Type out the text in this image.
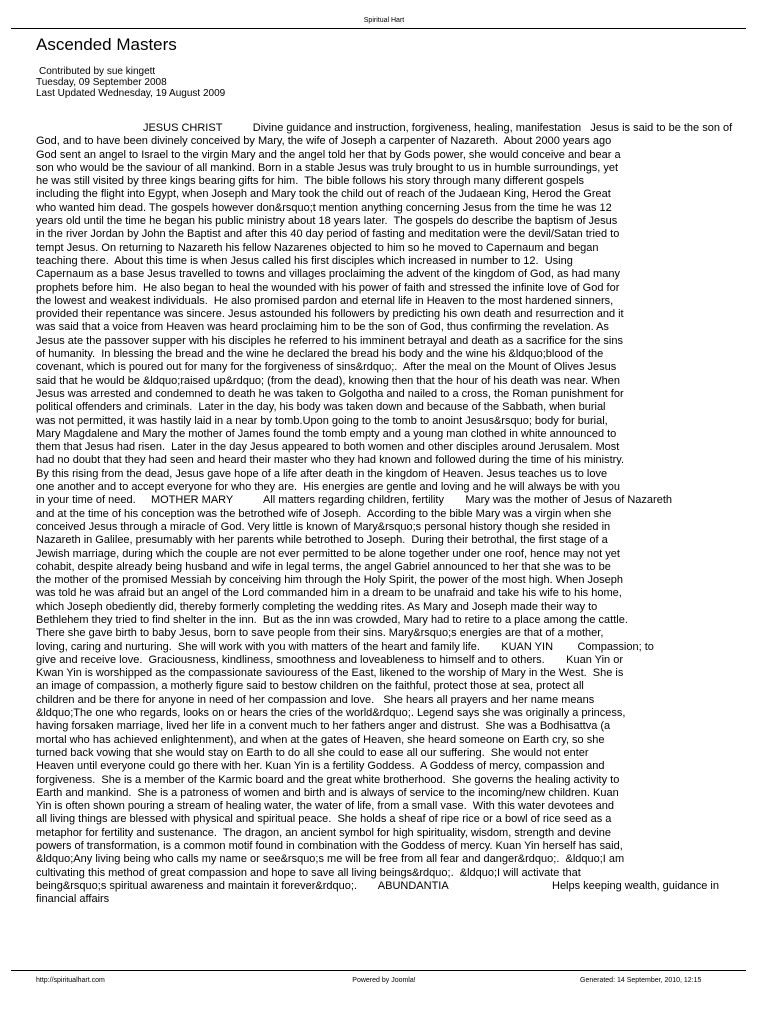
Spiritual Hart
Ascended Masters
Contributed by sue kingett
Tuesday, 09 September 2008
Last Updated Wednesday, 19 August 2009
JESUS CHRIST          Divine guidance and instruction, forgiveness, healing, manifestation   Jesus is said to be the son of
God, and to have been divinely conceived by Mary, the wife of Joseph a carpenter of Nazareth.  About 2000 years ago
God sent an angel to Israel to the virgin Mary and the angel told her that by Gods power, she would conceive and bear a
son who would be the saviour of all mankind. Born in a stable Jesus was truly brought to us in humble surroundings, yet
he was still visited by three kings bearing gifts for him.  The bible follows his story through many different gospels
including the flight into Egypt, when Joseph and Mary took the child out of reach of the Judaean King, Herod the Great
who wanted him dead. The gospels however don&rsquo;t mention anything concerning Jesus from the time he was 12
years old until the time he began his public ministry about 18 years later.  The gospels do describe the baptism of Jesus
in the river Jordan by John the Baptist and after this 40 day period of fasting and meditation were the devil/Satan tried to
tempt Jesus. On returning to Nazareth his fellow Nazarenes objected to him so he moved to Capernaum and began
teaching there.  About this time is when Jesus called his first disciples which increased in number to 12.  Using
Capernaum as a base Jesus travelled to towns and villages proclaiming the advent of the kingdom of God, as had many
prophets before him.  He also began to heal the wounded with his power of faith and stressed the infinite love of God for
the lowest and weakest individuals.  He also promised pardon and eternal life in Heaven to the most hardened sinners,
provided their repentance was sincere. Jesus astounded his followers by predicting his own death and resurrection and it
was said that a voice from Heaven was heard proclaiming him to be the son of God, thus confirming the revelation. As
Jesus ate the passover supper with his disciples he referred to his imminent betrayal and death as a sacrifice for the sins
of humanity.  In blessing the bread and the wine he declared the bread his body and the wine his &ldquo;blood of the
covenant, which is poured out for many for the forgiveness of sins&rdquo;.  After the meal on the Mount of Olives Jesus
said that he would be &ldquo;raised up&rdquo; (from the dead), knowing then that the hour of his death was near. When
Jesus was arrested and condemned to death he was taken to Golgotha and nailed to a cross, the Roman punishment for
political offenders and criminals.  Later in the day, his body was taken down and because of the Sabbath, when burial
was not permitted, it was hastily laid in a near by tomb.Upon going to the tomb to anoint Jesus&rsquo; body for burial,
Mary Magdalene and Mary the mother of James found the tomb empty and a young man clothed in white announced to
them that Jesus had risen.  Later in the day Jesus appeared to both women and other disciples around Jerusalem. Most
had no doubt that they had seen and heard their master who they had known and followed during the time of his ministry.
By this rising from the dead, Jesus gave hope of a life after death in the kingdom of Heaven. Jesus teaches us to love
one another and to accept everyone for who they are.  His energies are gentle and loving and he will always be with you
in your time of need.     MOTHER MARY          All matters regarding children, fertility       Mary was the mother of Jesus of Nazareth
and at the time of his conception was the betrothed wife of Joseph.  According to the bible Mary was a virgin when she
conceived Jesus through a miracle of God. Very little is known of Mary&rsquo;s personal history though she resided in
Nazareth in Galilee, presumably with her parents while betrothed to Joseph.  During their betrothal, the first stage of a
Jewish marriage, during which the couple are not ever permitted to be alone together under one roof, hence may not yet
cohabit, despite already being husband and wife in legal terms, the angel Gabriel announced to her that she was to be
the mother of the promised Messiah by conceiving him through the Holy Spirit, the power of the most high. When Joseph
was told he was afraid but an angel of the Lord commanded him in a dream to be unafraid and take his wife to his home,
which Joseph obediently did, thereby formerly completing the wedding rites. As Mary and Joseph made their way to
Bethlehem they tried to find shelter in the inn.  But as the inn was crowded, Mary had to retire to a place among the cattle.
There she gave birth to baby Jesus, born to save people from their sins. Mary&rsquo;s energies are that of a mother,
loving, caring and nurturing.  She will work with you with matters of the heart and family life.       KUAN YIN        Compassion; to
give and receive love.  Graciousness, kindliness, smoothness and loveableness to himself and to others.       Kuan Yin or
Kwan Yin is worshipped as the compassionate saviouress of the East, likened to the worship of Mary in the West.  She is
an image of compassion, a motherly figure said to bestow children on the faithful, protect those at sea, protect all
children and be there for anyone in need of her compassion and love.   She hears all prayers and her name means
&ldquo;The one who regards, looks on or hears the cries of the world&rdquo;. Legend says she was originally a princess,
having forsaken marriage, lived her life in a convent much to her fathers anger and distrust.  She was a Bodhisattva (a
mortal who has achieved enlightenment), and when at the gates of Heaven, she heard someone on Earth cry, so she
turned back vowing that she would stay on Earth to do all she could to ease all our suffering.  She would not enter
Heaven until everyone could go there with her. Kuan Yin is a fertility Goddess.  A Goddess of mercy, compassion and
forgiveness.  She is a member of the Karmic board and the great white brotherhood.  She governs the healing activity to
Earth and mankind.  She is a patroness of women and birth and is always of service to the incoming/new children. Kuan
Yin is often shown pouring a stream of healing water, the water of life, from a small vase.  With this water devotees and
all living things are blessed with physical and spiritual peace.  She holds a sheaf of ripe rice or a bowl of rice seed as a
metaphor for fertility and sustenance.  The dragon, an ancient symbol for high spirituality, wisdom, strength and devine
powers of transformation, is a common motif found in combination with the Goddess of mercy. Kuan Yin herself has said,
&ldquo;Any living being who calls my name or see&rsquo;s me will be free from all fear and danger&rdquo;.  &ldquo;I am
cultivating this method of great compassion and hope to save all living beings&rdquo;.  &ldquo;I will activate that
being&rsquo;s spiritual awareness and maintain it forever&rdquo;.       ABUNDANTIA                                  Helps keeping wealth, guidance in
financial affairs
http://spiritualhart.com	Powered by Joomla!	Generated: 14 September, 2010, 12:15
